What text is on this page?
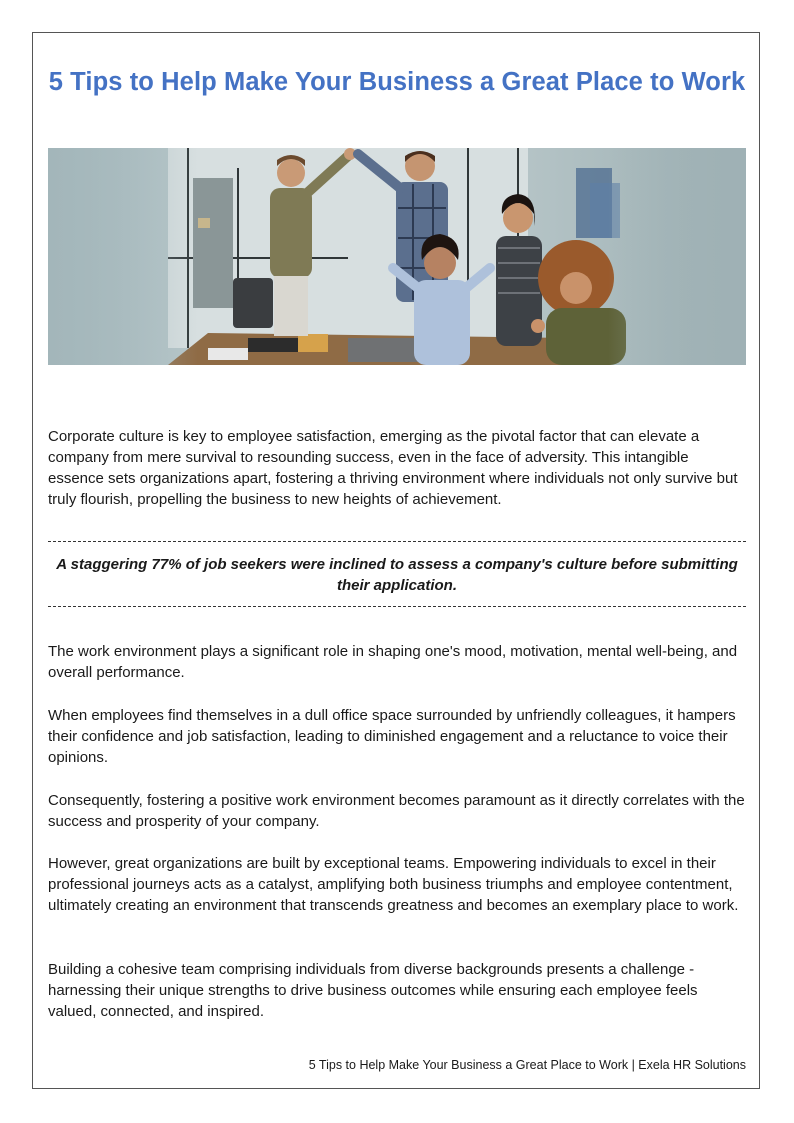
5 Tips to Help Make Your Business a Great Place to Work

Corporate culture is key to employee satisfaction, emerging as the pivotal factor that can elevate a company from mere survival to resounding success, even in the face of adversity. This intangible essence sets organizations apart, fostering a thriving environment where individuals not only survive but truly flourish, propelling the business to new heights of achievement.

A staggering 77% of job seekers were inclined to assess a company's culture before submitting their application.

The work environment plays a significant role in shaping one's mood, motivation, mental well-being, and overall performance.

When employees find themselves in a dull office space surrounded by unfriendly colleagues, it hampers their confidence and job satisfaction, leading to diminished engagement and a reluctance to voice their opinions.

Consequently, fostering a positive work environment becomes paramount as it directly correlates with the success and prosperity of your company.

However, great organizations are built by exceptional teams. Empowering individuals to excel in their professional journeys acts as a catalyst, amplifying both business triumphs and employee contentment, ultimately creating an environment that transcends greatness and becomes an exemplary place to work.

Building a cohesive team comprising individuals from diverse backgrounds presents a challenge - harnessing their unique strengths to drive business outcomes while ensuring each employee feels valued, connected, and inspired.

5 Tips to Help Make Your Business a Great Place to Work | Exela HR Solutions
